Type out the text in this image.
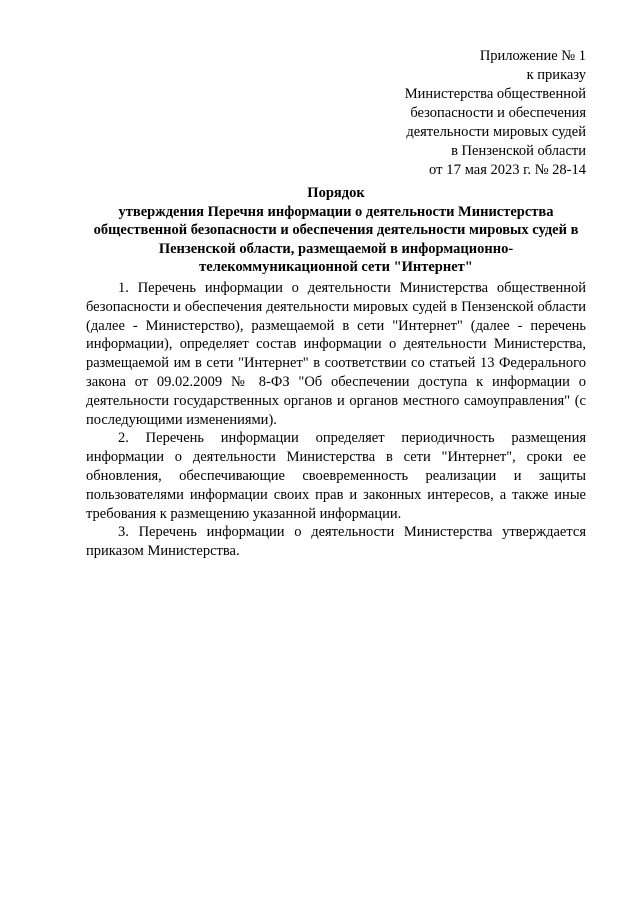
Приложение № 1
к приказу
Министерства общественной
безопасности и обеспечения
деятельности мировых судей
в Пензенской области
от 17 мая 2023 г. № 28-14
Порядок
утверждения Перечня информации о деятельности Министерства
общественной безопасности и обеспечения деятельности мировых судей в
Пензенской области, размещаемой в информационно-
телекоммуникационной сети "Интернет"

1. Перечень информации о деятельности Министерства общественной безопасности и обеспечения деятельности мировых судей в Пензенской области (далее - Министерство), размещаемой в сети "Интернет" (далее - перечень информации), определяет состав информации о деятельности Министерства, размещаемой им в сети "Интернет" в соответствии со статьей 13 Федерального закона от 09.02.2009 № 8-ФЗ "Об обеспечении доступа к информации о деятельности государственных органов и органов местного самоуправления" (с последующими изменениями).

2. Перечень информации определяет периодичность размещения информации о деятельности Министерства в сети "Интернет", сроки ее обновления, обеспечивающие своевременность реализации и защиты пользователями информации своих прав и законных интересов, а также иные требования к размещению указанной информации.

3. Перечень информации о деятельности Министерства утверждается приказом Министерства.
